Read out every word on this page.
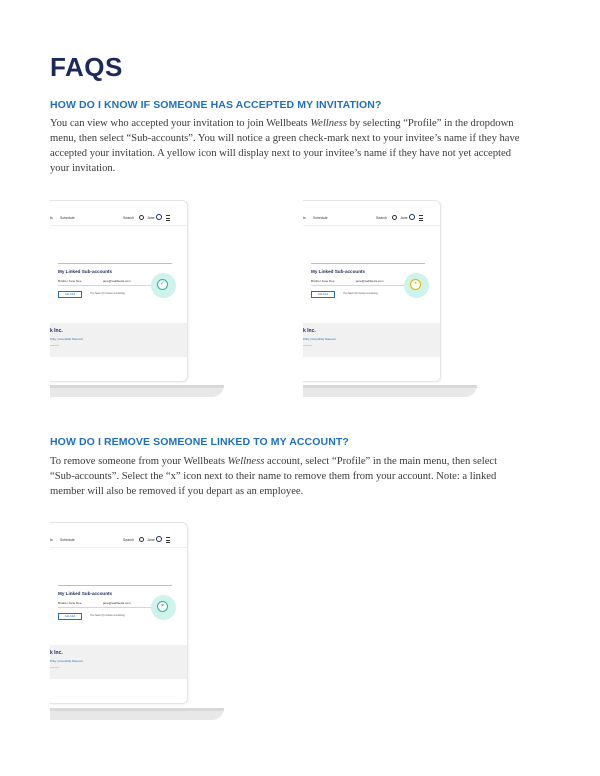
FAQS
HOW DO I KNOW IF SOMEONE HAS ACCEPTED MY INVITATION?
You can view who accepted your invitation to join Wellbeats Wellness by selecting “Profile” in the dropdown menu, then select “Sub-accounts”. You will notice a green check-mark next to your invitee’s name if they have accepted your invitation. A yellow icon will display next to your invitee’s name if they have not yet accepted your invitation.
ts Schedule	Search	Jane
My Linked Sub-accounts
Brother Jane Doe	jane@wellbeats.com
Add Adult	You have (0) invites remaining
✓
k Inc.
Policy | Accessibility Statement
reserved
ts Schedule	Search	Jane
My Linked Sub-accounts
Brother Jane Doe	jane@wellbeats.com
Add Adult	You have (0) invites remaining
•
k Inc.
Policy | Accessibility Statement
reserved
HOW DO I REMOVE SOMEONE LINKED TO MY ACCOUNT?
To remove someone from your Wellbeats Wellness account, select “Profile” in the main menu, then select “Sub-accounts”. Select the “x” icon next to their name to remove them from your account. Note: a linked member will also be removed if you depart as an employee.
ts Schedule	Search	Jane
My Linked Sub-accounts
Brother Jane Doe	jane@wellbeats.com
Add Adult	You have (0) invites remaining
×
k Inc.
Policy | Accessibility Statement
reserved
